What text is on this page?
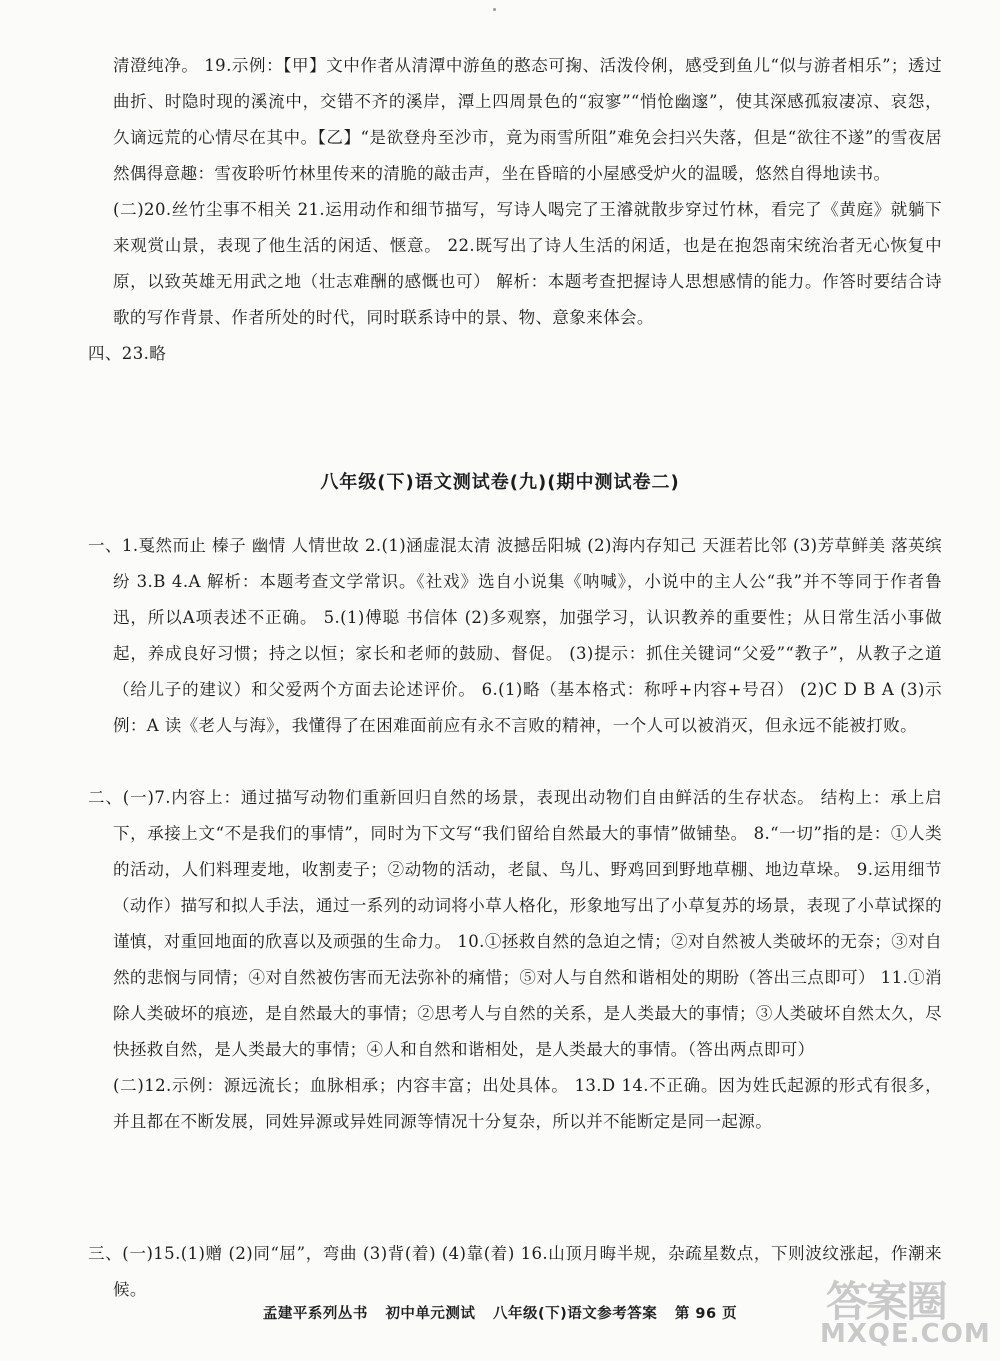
清澄纯净。 19.示例：【甲】文中作者从清潭中游鱼的憨态可掬、活泼伶俐，感受到鱼儿“似与游者相乐”；透过曲折、时隐时现的溪流中，交错不齐的溪岸，潭上四周景色的“寂寥”“悄怆幽邃”，使其深感孤寂凄凉、哀怨，久谪远荒的心情尽在其中。【乙】“是欲登舟至沙市，竟为雨雪所阻”难免会扫兴失落，但是“欲往不遂”的雪夜居然偶得意趣：雪夜聆听竹林里传来的清脆的敲击声，坐在昏暗的小屋感受炉火的温暖，悠然自得地读书。

(二)20.丝竹尘事不相关 21.运用动作和细节描写，写诗人喝完了王濬就散步穿过竹林，看完了《黄庭》就躺下来观赏山景，表现了他生活的闲适、惬意。 22.既写出了诗人生活的闲适，也是在抱怨南宋统治者无心恢复中原，以致英雄无用武之地（壮志难酬的感慨也可） 解析：本题考查把握诗人思想感情的能力。作答时要结合诗歌的写作背景、作者所处的时代，同时联系诗中的景、物、意象来体会。

四、23.略

八年级(下)语文测试卷(九)(期中测试卷二)

一、1.戛然而止 榛子 幽情 人情世故 2.(1)涵虚混太清 波撼岳阳城 (2)海内存知己 天涯若比邻 (3)芳草鲜美 落英缤纷 3.B 4.A 解析：本题考查文学常识。《社戏》选自小说集《呐喊》，小说中的主人公“我”并不等同于作者鲁迅，所以A项表述不正确。 5.(1)傅聪 书信体 (2)多观察，加强学习，认识教养的重要性；从日常生活小事做起，养成良好习惯；持之以恒；家长和老师的鼓励、督促。 (3)提示：抓住关键词“父爱”“教子”，从教子之道（给儿子的建议）和父爱两个方面去论述评价。 6.(1)略（基本格式：称呼+内容+号召） (2)C D B A (3)示例：A 读《老人与海》，我懂得了在困难面前应有永不言败的精神，一个人可以被消灭，但永远不能被打败。

二、(一)7.内容上：通过描写动物们重新回归自然的场景，表现出动物们自由鲜活的生存状态。 结构上：承上启下，承接上文“不是我们的事情”，同时为下文写“我们留给自然最大的事情”做铺垫。 8.“一切”指的是：①人类的活动，人们料理麦地，收割麦子；②动物的活动，老鼠、鸟儿、野鸡回到野地草棚、地边草垛。 9.运用细节（动作）描写和拟人手法，通过一系列的动词将小草人格化，形象地写出了小草复苏的场景，表现了小草试探的谨慎，对重回地面的欣喜以及顽强的生命力。 10.①拯救自然的急迫之情；②对自然被人类破坏的无奈；③对自然的悲悯与同情；④对自然被伤害而无法弥补的痛惜；⑤对人与自然和谐相处的期盼（答出三点即可） 11.①消除人类破坏的痕迹，是自然最大的事情；②思考人与自然的关系，是人类最大的事情；③人类破坏自然太久，尽快拯救自然，是人类最大的事情；④人和自然和谐相处，是人类最大的事情。（答出两点即可）

(二)12.示例：源远流长；血脉相承；内容丰富；出处具体。 13.D 14.不正确。因为姓氏起源的形式有很多，并且都在不断发展，同姓异源或异姓同源等情况十分复杂，所以并不能断定是同一起源。

三、(一)15.(1)赠 (2)同“屈”，弯曲 (3)背(着) (4)靠(着) 16.山顶月晦半规，杂疏星数点，下则波纹涨起，作潮来候。

孟建平系列丛书 初中单元测试 八年级(下)语文参考答案 第 96 页	答案圈
MXQE.COM
